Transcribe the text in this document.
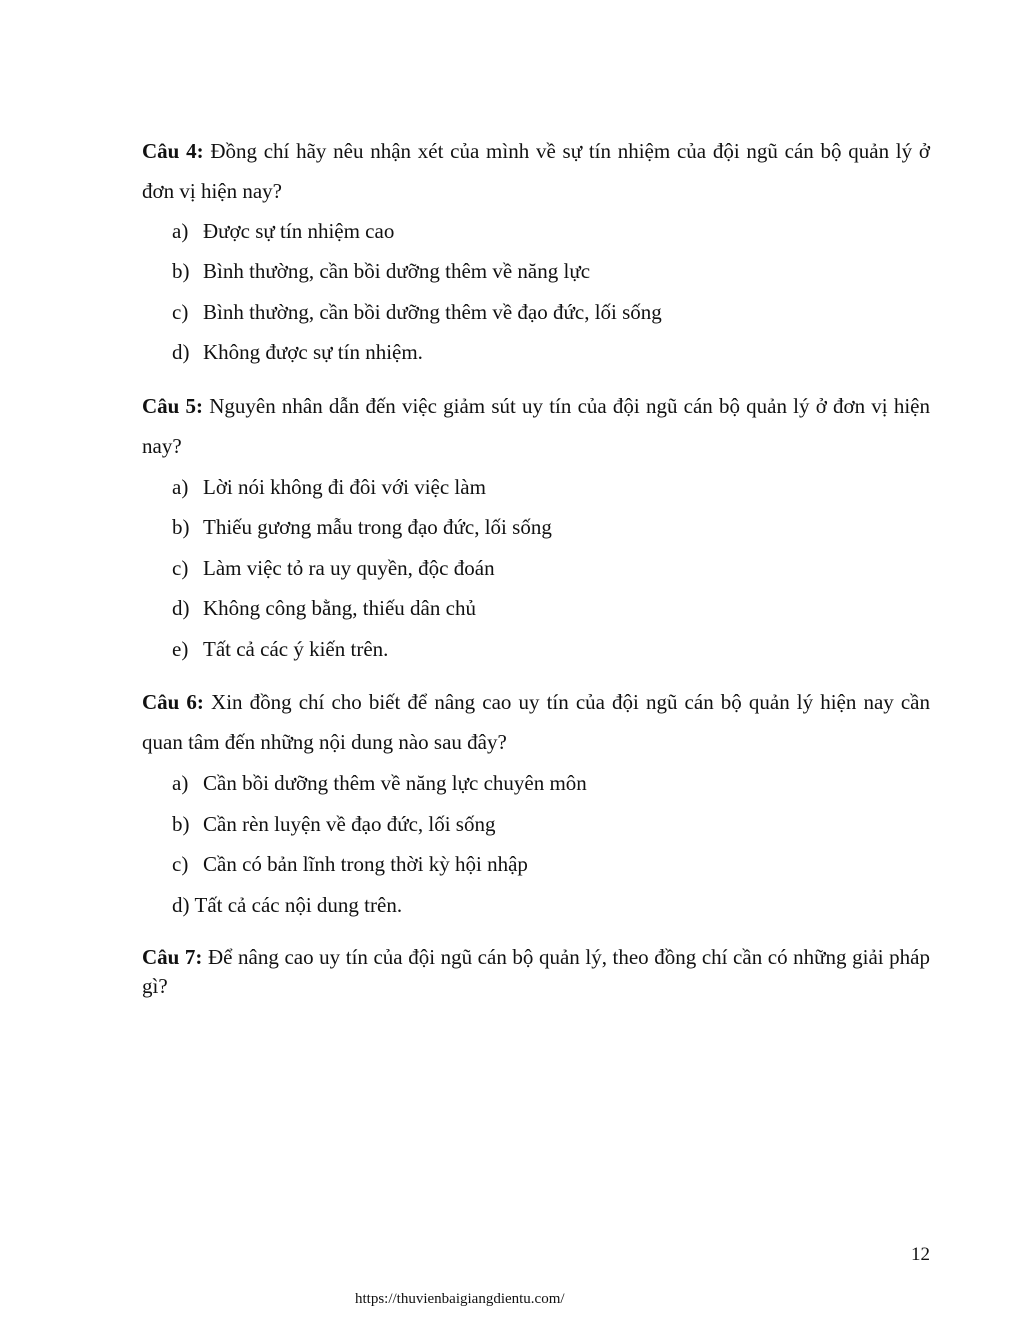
Câu 4: Đồng chí hãy nêu nhận xét của mình về sự tín nhiệm của đội ngũ cán bộ quản lý ở đơn vị hiện nay?

a) Được sự tín nhiệm cao
b) Bình thường, cần bồi dưỡng thêm về năng lực
c) Bình thường, cần bồi dưỡng thêm về đạo đức, lối sống
d) Không được sự tín nhiệm.

Câu 5: Nguyên nhân dẫn đến việc giảm sút uy tín của đội ngũ cán bộ quản lý ở đơn vị hiện nay?

a) Lời nói không đi đôi với việc làm
b) Thiếu gương mẫu trong đạo đức, lối sống
c) Làm việc tỏ ra uy quyền, độc đoán
d) Không công bằng, thiếu dân chủ
e) Tất cả các ý kiến trên.

Câu 6: Xin đồng chí cho biết để nâng cao uy tín của đội ngũ cán bộ quản lý hiện nay cần quan tâm đến những nội dung nào sau đây?

a) Cần bồi dưỡng thêm về năng lực chuyên môn
b) Cần rèn luyện về đạo đức, lối sống
c) Cần có bản lĩnh trong thời kỳ hội nhập
d) Tất cả các nội dung trên.

Câu 7: Để nâng cao uy tín của đội ngũ cán bộ quản lý, theo đồng chí cần có những giải pháp gì?

12
https://thuvienbaigiangdientu.com/
